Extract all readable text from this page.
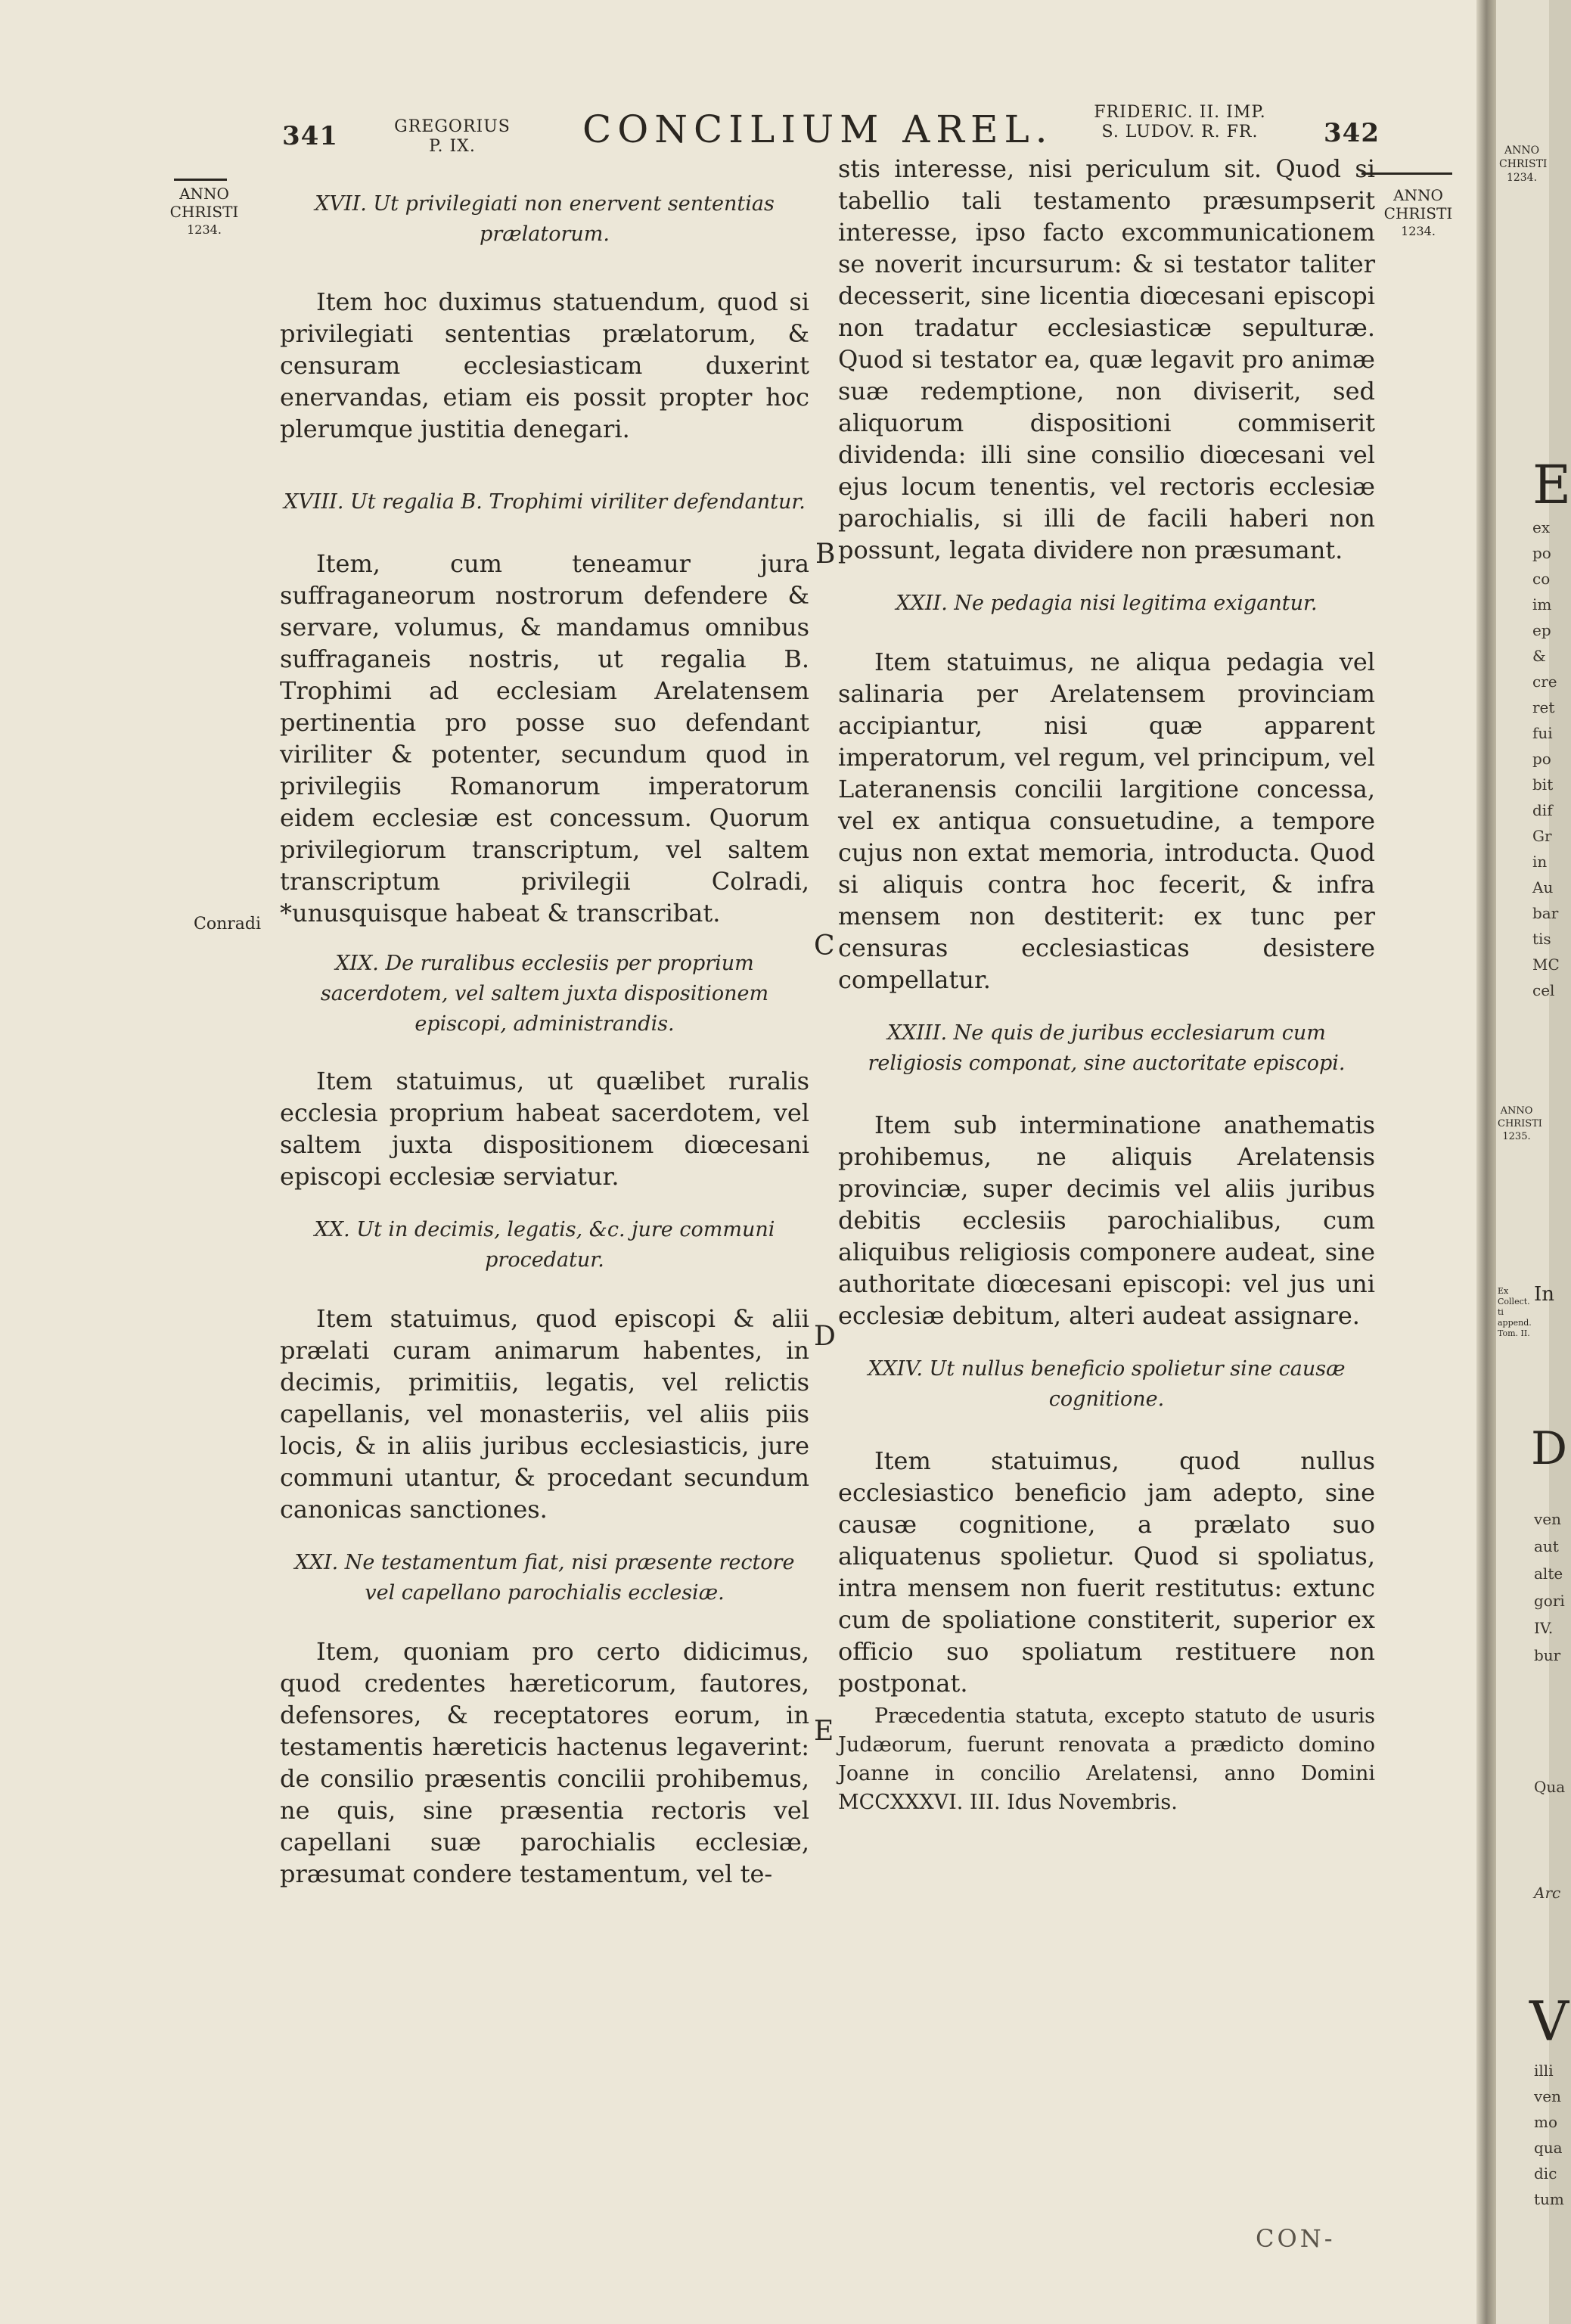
341	GREGORIUS
P. IX.	CONCILIUM AREL.	FRIDERIC. II. IMP.
S. LUDOV. R. FR.	342
ANNO
CHRISTI
1234.
ANNO
CHRISTI
1234.
Conradi
B
C
D
E
XVII. Ut privilegiati non enervent sententias prælatorum.

Item hoc duximus statuendum, quod si privilegiati sententias prælatorum, & censuram ecclesiasticam duxerint enervandas, etiam eis possit propter hoc plerumque justitia denegari.

XVIII. Ut regalia B. Trophimi viriliter defendantur.

Item, cum teneamur jura suffraganeorum nostrorum defendere & servare, volumus, & mandamus omnibus suffraganeis nostris, ut regalia B. Trophimi ad ecclesiam Arelatensem pertinentia pro posse suo defendant viriliter & potenter, secundum quod in privilegiis Romanorum imperatorum eidem ecclesiæ est concessum. Quorum privilegiorum transcriptum, vel saltem transcriptum privilegii Colradi, *unusquisque habeat & transcribat.

XIX. De ruralibus ecclesiis per proprium sacerdotem, vel saltem juxta dispositionem episcopi, administrandis.

Item statuimus, ut quælibet ruralis ecclesia proprium habeat sacerdotem, vel saltem juxta dispositionem diœcesani episcopi ecclesiæ serviatur.

XX. Ut in decimis, legatis, &c. jure communi procedatur.

Item statuimus, quod episcopi & alii prælati curam animarum habentes, in decimis, primitiis, legatis, vel relictis capellanis, vel monasteriis, vel aliis piis locis, & in aliis juribus ecclesiasticis, jure communi utantur, & procedant secundum canonicas sanctiones.

XXI. Ne testamentum fiat, nisi præsente rectore vel capellano parochialis ecclesiæ.

Item, quoniam pro certo didicimus, quod credentes hæreticorum, fautores, defensores, & receptatores eorum, in testamentis hæreticis hactenus legaverint: de consilio præsentis concilii prohibemus, ne quis, sine præsentia rectoris vel capellani suæ parochialis ecclesiæ, præsumat condere testamentum, vel te-

stis interesse, nisi periculum sit. Quod si tabellio tali testamento præsumpserit interesse, ipso facto excommunicationem se noverit incursurum: & si testator taliter decesserit, sine licentia diœcesani episcopi non tradatur ecclesiasticæ sepulturæ. Quod si testator ea, quæ legavit pro animæ suæ redemptione, non diviserit, sed aliquorum dispositioni commiserit dividenda: illi sine consilio diœcesani vel ejus locum tenentis, vel rectoris ecclesiæ parochialis, si illi de facili haberi non possunt, legata dividere non præsumant.

XXII. Ne pedagia nisi legitima exigantur.

Item statuimus, ne aliqua pedagia vel salinaria per Arelatensem provinciam accipiantur, nisi quæ apparent imperatorum, vel regum, vel principum, vel Lateranensis concilii largitione concessa, vel ex antiqua consuetudine, a tempore cujus non extat memoria, introducta. Quod si aliquis contra hoc fecerit, & infra mensem non destiterit: ex tunc per censuras ecclesiasticas desistere compellatur.

XXIII. Ne quis de juribus ecclesiarum cum religiosis componat, sine auctoritate episcopi.

Item sub interminatione anathematis prohibemus, ne aliquis Arelatensis provinciæ, super decimis vel aliis juribus debitis ecclesiis parochialibus, cum aliquibus religiosis componere audeat, sine authoritate diœcesani episcopi: vel jus uni ecclesiæ debitum, alteri audeat assignare.

XXIV. Ut nullus beneficio spolietur sine causæ cognitione.

Item statuimus, quod nullus ecclesiastico beneficio jam adepto, sine causæ cognitione, a prælato suo aliquatenus spolietur. Quod si spoliatus, intra mensem non fuerit restitutus: extunc cum de spoliatione constiterit, superior ex officio suo spoliatum restituere non postponat.

Præcedentia statuta, excepto statuto de usuris Judæorum, fuerunt renovata a prædicto domino Joanne in concilio Arelatensi, anno Domini MCCXXXVI. III. Idus Novembris.

CON-
ANNO
CHRISTI
1234.
E
ex
po
co
im
ep
&
cre
ret
fui
po
bit
dif
Gr
in
Au
bar
tis
MC
cel
ANNO
CHRISTI
1235.
In
Ex Collect.
ti append.
Tom. II.
D
ven
aut
alte
gori
IV.
bur
Qua
Arc
V
illi
ven
mo
qua
dic
tum
